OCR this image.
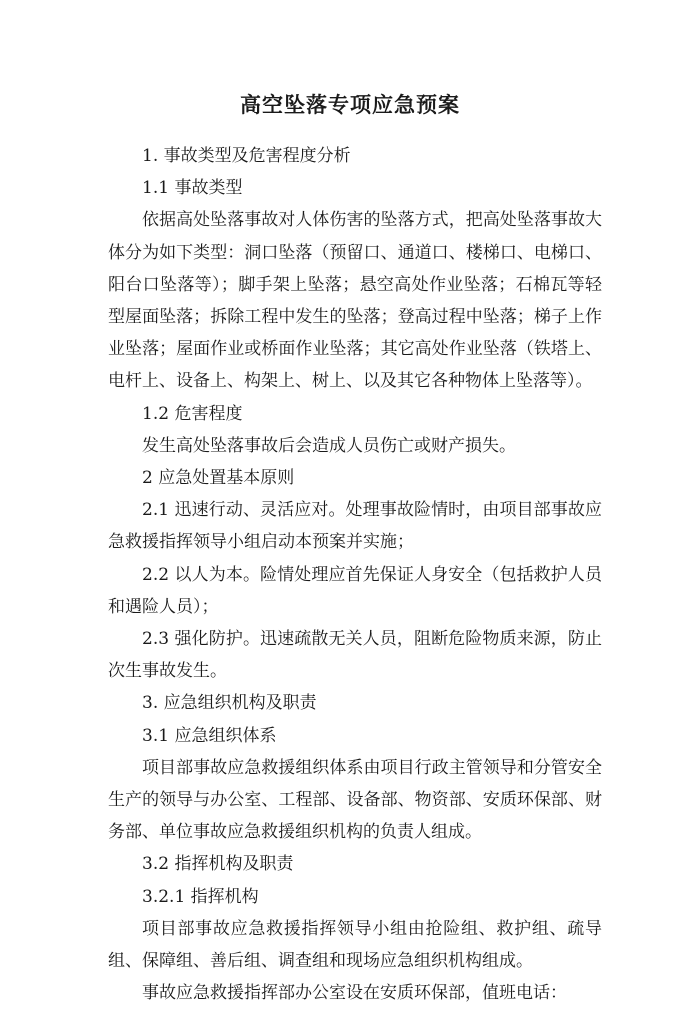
高空坠落专项应急预案

1. 事故类型及危害程度分析

1.1 事故类型

依据高处坠落事故对人体伤害的坠落方式，把高处坠落事故大体分为如下类型：洞口坠落（预留口、通道口、楼梯口、电梯口、阳台口坠落等）；脚手架上坠落；悬空高处作业坠落；石棉瓦等轻型屋面坠落；拆除工程中发生的坠落；登高过程中坠落；梯子上作业坠落；屋面作业或桥面作业坠落；其它高处作业坠落（铁塔上、电杆上、设备上、构架上、树上、以及其它各种物体上坠落等）。

1.2 危害程度

发生高处坠落事故后会造成人员伤亡或财产损失。

2 应急处置基本原则

2.1 迅速行动、灵活应对。处理事故险情时，由项目部事故应急救援指挥领导小组启动本预案并实施；

2.2 以人为本。险情处理应首先保证人身安全（包括救护人员和遇险人员）；

2.3 强化防护。迅速疏散无关人员，阻断危险物质来源，防止次生事故发生。

3. 应急组织机构及职责

3.1 应急组织体系

项目部事故应急救援组织体系由项目行政主管领导和分管安全生产的领导与办公室、工程部、设备部、物资部、安质环保部、财务部、单位事故应急救援组织机构的负责人组成。

3.2 指挥机构及职责

3.2.1 指挥机构

项目部事故应急救援指挥领导小组由抢险组、救护组、疏导组、保障组、善后组、调查组和现场应急组织机构组成。

事故应急救援指挥部办公室设在安质环保部，值班电话：
